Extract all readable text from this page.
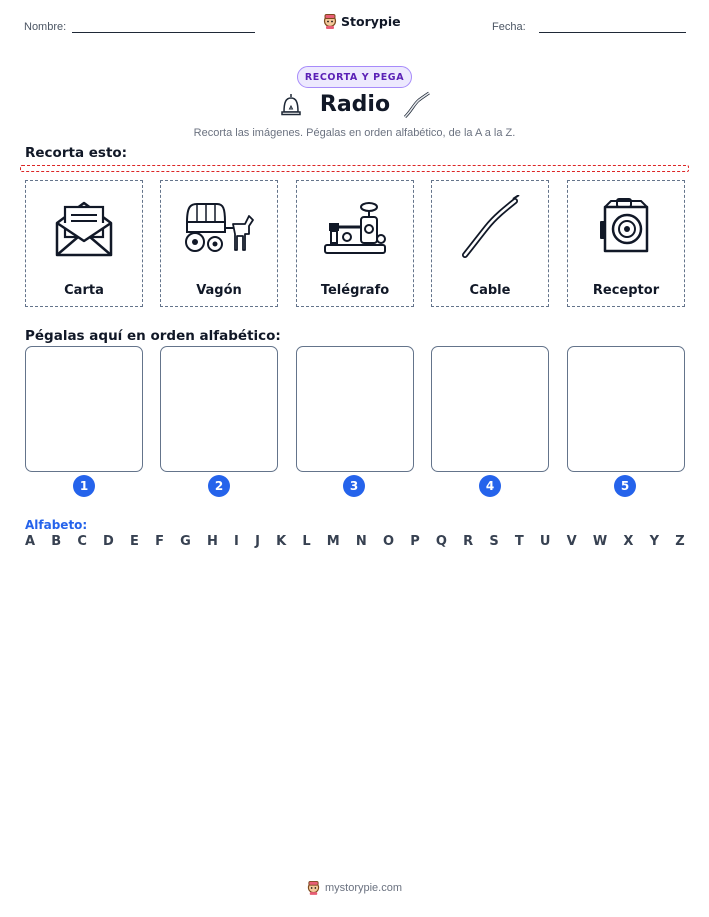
Nombre:	Storypie	Fecha:
RECORTA Y PEGA
Radio
Recorta las imágenes. Pégalas en orden alfabético, de la A a la Z.
Recorta esto:
Carta	Vagón	Telégrafo	Cable	Receptor
Pégalas aquí en orden alfabético:
1	2	3	4	5
Alfabeto:
A B C D E F G H I J K L M N O P Q R S T U V W X Y Z
mystorypie.com
